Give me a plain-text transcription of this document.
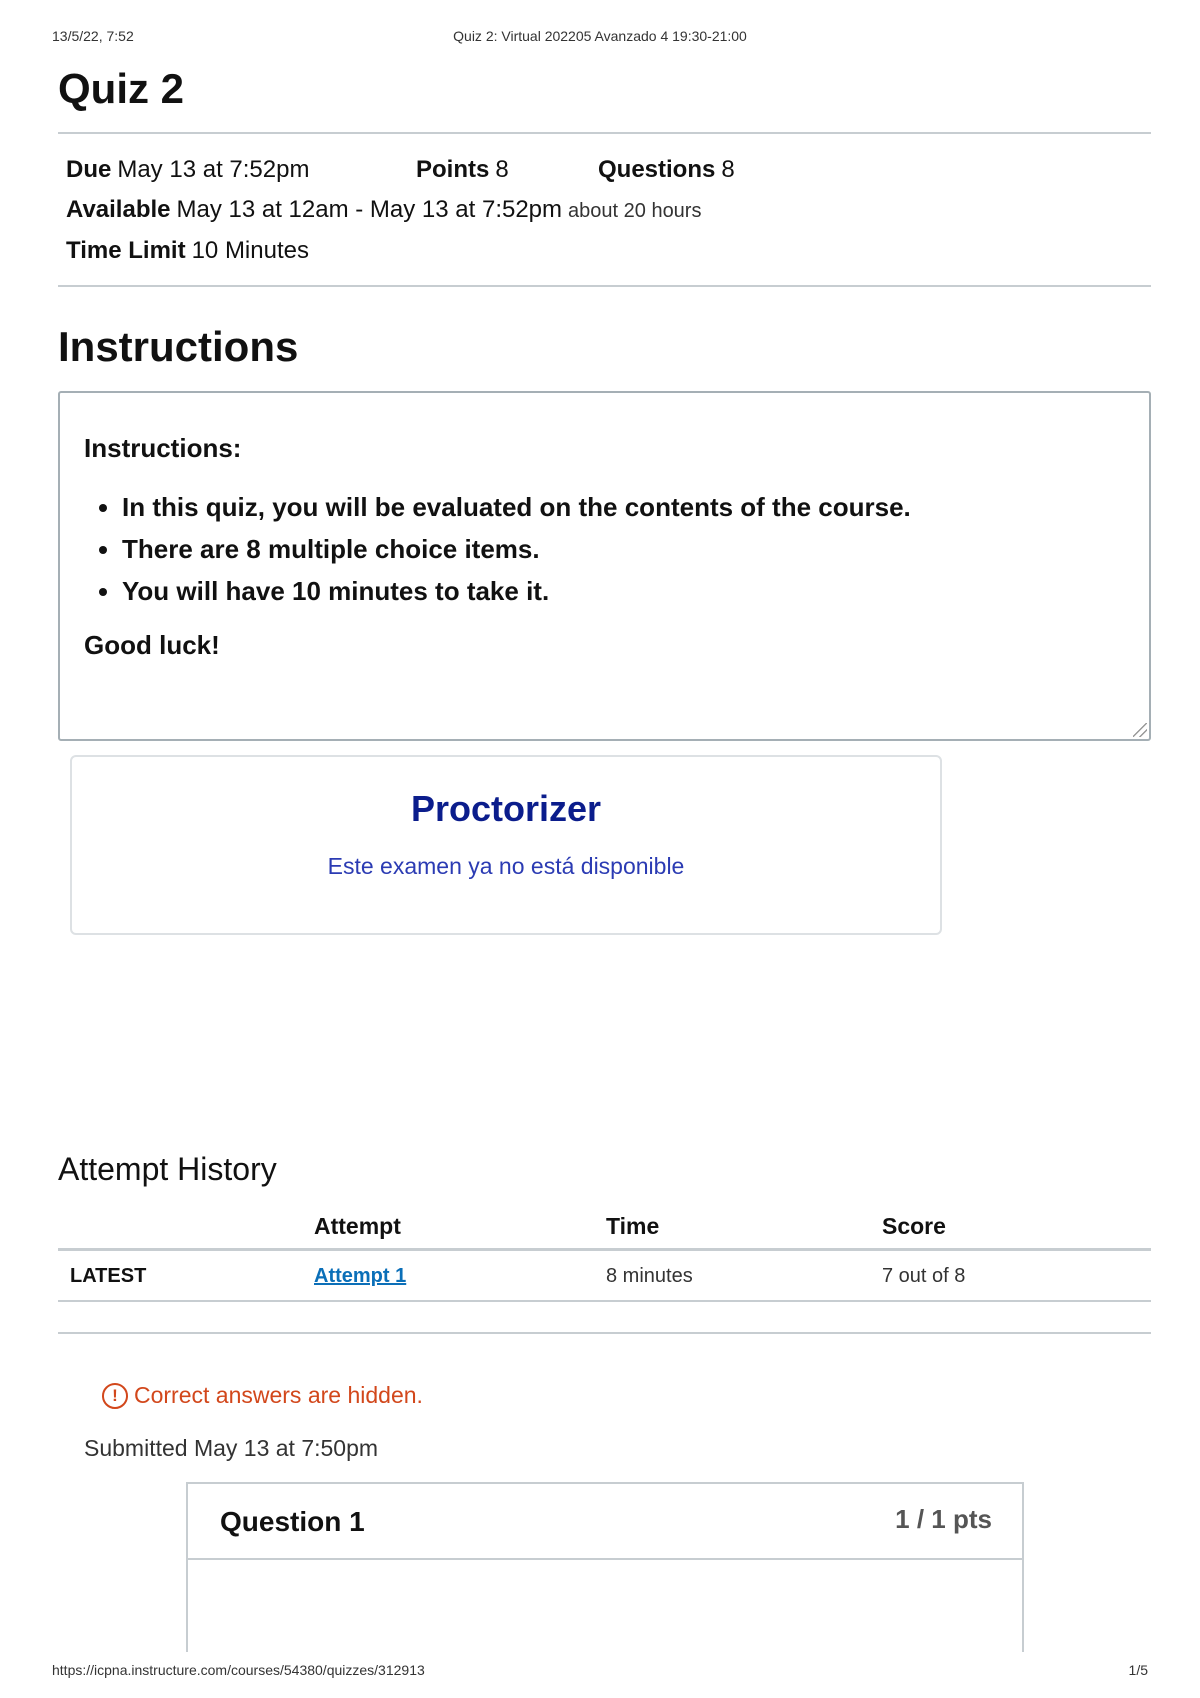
13/5/22, 7:52	Quiz 2: Virtual 202205 Avanzado 4 19:30-21:00
Quiz 2
Due May 13 at 7:52pm	Points 8	Questions 8
Available May 13 at 12am - May 13 at 7:52pm about 20 hours
Time Limit 10 Minutes
Instructions

Instructions:

• In this quiz, you will be evaluated on the contents of the course.
• There are 8 multiple choice items.
• You will have 10 minutes to take it.

Good luck!

Proctorizer
Este examen ya no está disponible
Attempt History
	Attempt	Time	Score
LATEST	Attempt 1	8 minutes	7 out of 8
! Correct answers are hidden.
Submitted May 13 at 7:50pm
Question 1	1 / 1 pts
https://icpna.instructure.com/courses/54380/quizzes/312913	1/5
